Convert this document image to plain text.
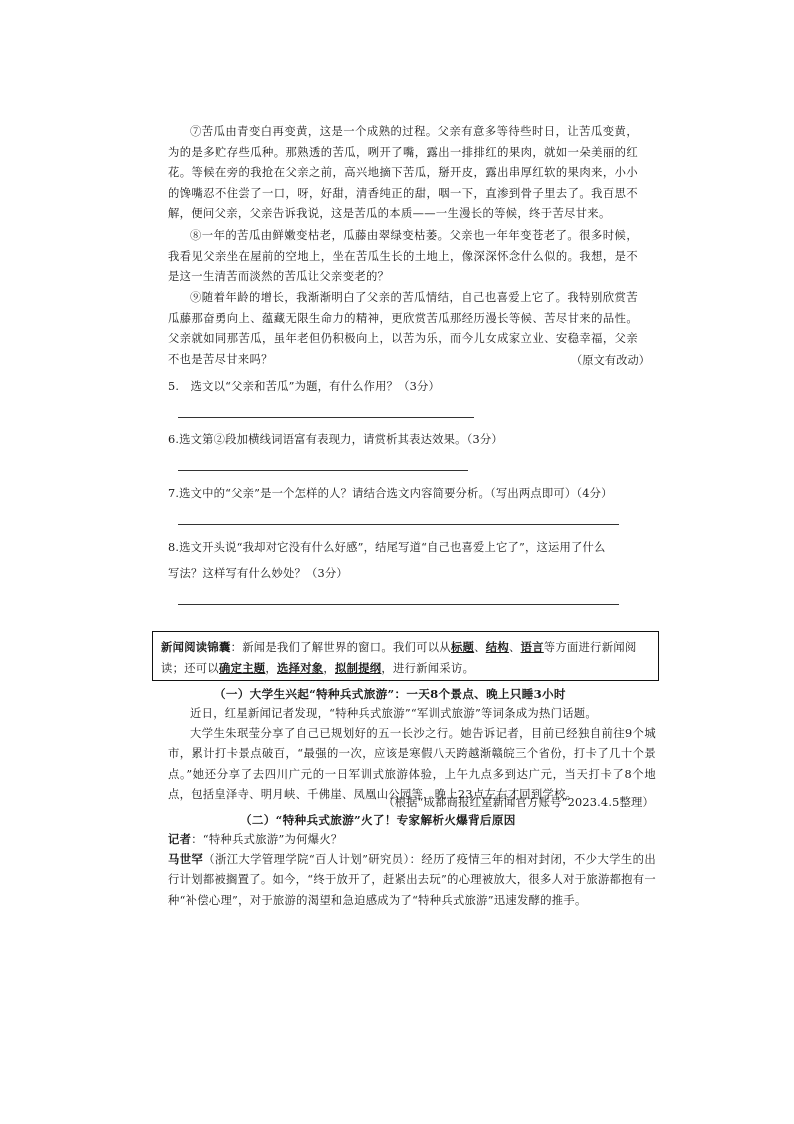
⑦苦瓜由青变白再变黄，这是一个成熟的过程。父亲有意多等待些时日，让苦瓜变黄，为的是多贮存些瓜种。那熟透的苦瓜，咧开了嘴，露出一排排红的果肉，就如一朵美丽的红花。等候在旁的我抢在父亲之前，高兴地摘下苦瓜，掰开皮，露出串厚红软的果肉来，小小的馋嘴忍不住尝了一口，呀，好甜，清香纯正的甜，咽一下，直渗到骨子里去了。我百思不解，便问父亲，父亲告诉我说，这是苦瓜的本质——一生漫长的等候，终于苦尽甘来。

⑧一年的苦瓜由鲜嫩变枯老，瓜藤由翠绿变枯萎。父亲也一年年变苍老了。很多时候，我看见父亲坐在屋前的空地上，坐在苦瓜生长的土地上，像深深怀念什么似的。我想，是不是这一生清苦而淡然的苦瓜让父亲变老的？

⑨随着年龄的增长，我渐渐明白了父亲的苦瓜情结，自己也喜爱上它了。我特别欣赏苦瓜藤那奋勇向上、蕴藏无限生命力的精神，更欣赏苦瓜那经历漫长等候、苦尽甘来的品性。父亲就如同那苦瓜，虽年老但仍积极向上，以苦为乐，而今儿女成家立业、安稳幸福，父亲不也是苦尽甘来吗？	（原文有改动）
5.　选文以“父亲和苦瓜”为题，有什么作用？（3分）
6.选文第②段加横线词语富有表现力，请赏析其表达效果。（3分）
7.选文中的“父亲”是一个怎样的人？请结合选文内容简要分析。（写出两点即可）（4分）
8.选文开头说“我却对它没有什么好感”，结尾写道“自己也喜爱上它了”，这运用了什么
写法？这样写有什么妙处？（3分）
新闻阅读锦囊：新闻是我们了解世界的窗口。我们可以从标题、结构、语言等方面进行新闻阅读；还可以确定主题，选择对象，拟制提纲，进行新闻采访。
（一）大学生兴起“特种兵式旅游”：一天8个景点、晚上只睡3小时

近日，红星新闻记者发现，“特种兵式旅游”“军训式旅游”等词条成为热门话题。

大学生朱珉莹分享了自己已规划好的五一长沙之行。她告诉记者，目前已经独自前往9个城市，累计打卡景点破百，“最强的一次，应该是寒假八天跨越渐赣皖三个省份，打卡了几十个景点。”她还分享了去四川广元的一日军训式旅游体验，上午九点多到达广元，当天打卡了8个地点，包括皇泽寺、明月峡、千佛崖、凤凰山公园等，晚上23点左右才回到学校。

（根据“成都商报红星新闻官方账号”2023.4.5整理）
（二）“特种兵式旅游”火了！专家解析火爆背后原因

记者：“特种兵式旅游”为何爆火？

马世罕（浙江大学管理学院“百人计划”研究员）：经历了疫情三年的相对封闭，不少大学生的出行计划都被搁置了。如今，“终于放开了，赶紧出去玩”的心理被放大，很多人对于旅游都抱有一种“补偿心理”，对于旅游的渴望和急迫感成为了“特种兵式旅游”迅速发酵的推手。
